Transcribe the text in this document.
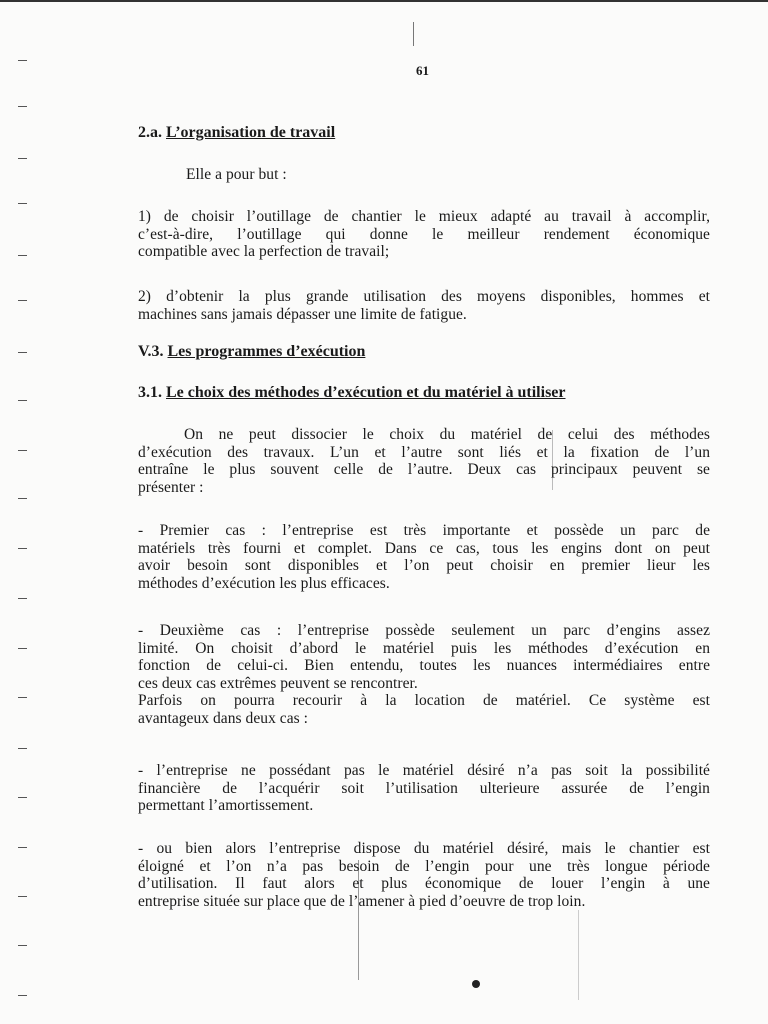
61
2.a. L’organisation de travail
Elle a pour but :
1) de choisir l’outillage de chantier le mieux adapté au travail à accomplir,
c’est-à-dire, l’outillage qui donne le meilleur rendement économique
compatible avec la perfection de travail;
2) d’obtenir la plus grande utilisation des moyens disponibles, hommes et
machines sans jamais dépasser une limite de fatigue.
V.3. Les programmes d’exécution
3.1. Le choix des méthodes d’exécution et du matériel à utiliser
On ne peut dissocier le choix du matériel de celui des méthodes
d’exécution des travaux. L’un et l’autre sont liés et la fixation de l’un
entraîne le plus souvent celle de l’autre. Deux cas principaux peuvent se
présenter :
- Premier cas : l’entreprise est très importante et possède un parc de
matériels très fourni et complet. Dans ce cas, tous les engins dont on peut
avoir besoin sont disponibles et l’on peut choisir en premier lieur les
méthodes d’exécution les plus efficaces.
- Deuxième cas : l’entreprise possède seulement un parc d’engins assez
limité. On choisit d’abord le matériel puis les méthodes d’exécution en
fonction de celui-ci. Bien entendu, toutes les nuances intermédiaires entre
ces deux cas extrêmes peuvent se rencontrer.
Parfois on pourra recourir à la location de matériel. Ce système est
avantageux dans deux cas :
- l’entreprise ne possédant pas le matériel désiré n’a pas soit la possibilité
financière de l’acquérir soit l’utilisation ulterieure assurée de l’engin
permettant l’amortissement.
- ou bien alors l’entreprise dispose du matériel désiré, mais le chantier est
éloigné et l’on n’a pas besoin de l’engin pour une très longue période
d’utilisation. Il faut alors et plus économique de louer l’engin à une
entreprise située sur place que de l’amener à pied d’oeuvre de trop loin.
